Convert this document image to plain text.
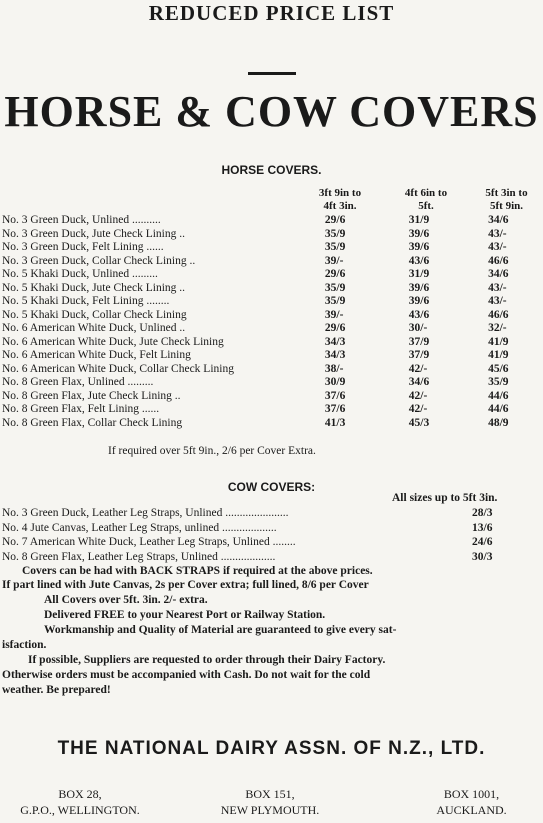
REDUCED PRICE LIST
HORSE & COW COVERS
HORSE COVERS.
3ft 9in to
4ft 3in.
4ft 6in to
5ft.
5ft 3in to
5ft 9in.
No. 3 Green Duck, Unlined ..........	29/6	31/9	34/6
No. 3 Green Duck, Jute Check Lining ..	35/9	39/6	43/-
No. 3 Green Duck, Felt Lining ......	35/9	39/6	43/-
No. 3 Green Duck, Collar Check Lining ..	39/-	43/6	46/6
No. 5 Khaki Duck, Unlined .........	29/6	31/9	34/6
No. 5 Khaki Duck, Jute Check Lining ..	35/9	39/6	43/-
No. 5 Khaki Duck, Felt Lining ........	35/9	39/6	43/-
No. 5 Khaki Duck, Collar Check Lining	39/-	43/6	46/6
No. 6 American White Duck, Unlined ..	29/6	30/-	32/-
No. 6 American White Duck, Jute Check Lining	34/3	37/9	41/9
No. 6 American White Duck, Felt Lining	34/3	37/9	41/9
No. 6 American White Duck, Collar Check Lining	38/-	42/-	45/6
No. 8 Green Flax, Unlined .........	30/9	34/6	35/9
No. 8 Green Flax, Jute Check Lining ..	37/6	42/-	44/6
No. 8 Green Flax, Felt Lining ......	37/6	42/-	44/6
No. 8 Green Flax, Collar Check Lining	41/3	45/3	48/9
If required over 5ft 9in., 2/6 per Cover Extra.
COW COVERS:
All sizes up to 5ft 3in.
No. 3 Green Duck, Leather Leg Straps, Unlined ......................	28/3
No. 4 Jute Canvas, Leather Leg Straps, unlined ...................	13/6
No. 7 American White Duck, Leather Leg Straps, Unlined ........	24/6
No. 8 Green Flax, Leather Leg Straps, Unlined ...................	30/3
Covers can be had with BACK STRAPS if required at the above prices.
If part lined with Jute Canvas, 2s per Cover extra; full lined, 8/6 per Cover
All Covers over 5ft. 3in. 2/- extra.
Delivered FREE to your Nearest Port or Railway Station.
Workmanship and Quality of Material are guaranteed to give every sat-
isfaction.
If possible, Suppliers are requested to order through their Dairy Factory.
Otherwise orders must be accompanied with Cash. Do not wait for the cold
weather. Be prepared!
THE NATIONAL DAIRY ASSN. OF N.Z., LTD.
BOX 28,
G.P.O., WELLINGTON.
BOX 151,
NEW PLYMOUTH.
BOX 1001,
AUCKLAND.
